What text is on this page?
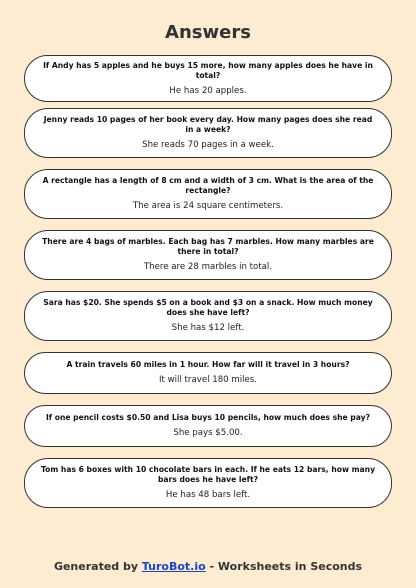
Answers
If Andy has 5 apples and he buys 15 more, how many apples does he have in total?
He has 20 apples.
Jenny reads 10 pages of her book every day. How many pages does she read in a week?
She reads 70 pages in a week.
A rectangle has a length of 8 cm and a width of 3 cm. What is the area of the rectangle?
The area is 24 square centimeters.
There are 4 bags of marbles. Each bag has 7 marbles. How many marbles are there in total?
There are 28 marbles in total.
Sara has $20. She spends $5 on a book and $3 on a snack. How much money does she have left?
She has $12 left.
A train travels 60 miles in 1 hour. How far will it travel in 3 hours?
It will travel 180 miles.
If one pencil costs $0.50 and Lisa buys 10 pencils, how much does she pay?
She pays $5.00.
Tom has 6 boxes with 10 chocolate bars in each. If he eats 12 bars, how many bars does he have left?
He has 48 bars left.
Generated by TuroBot.io - Worksheets in Seconds
